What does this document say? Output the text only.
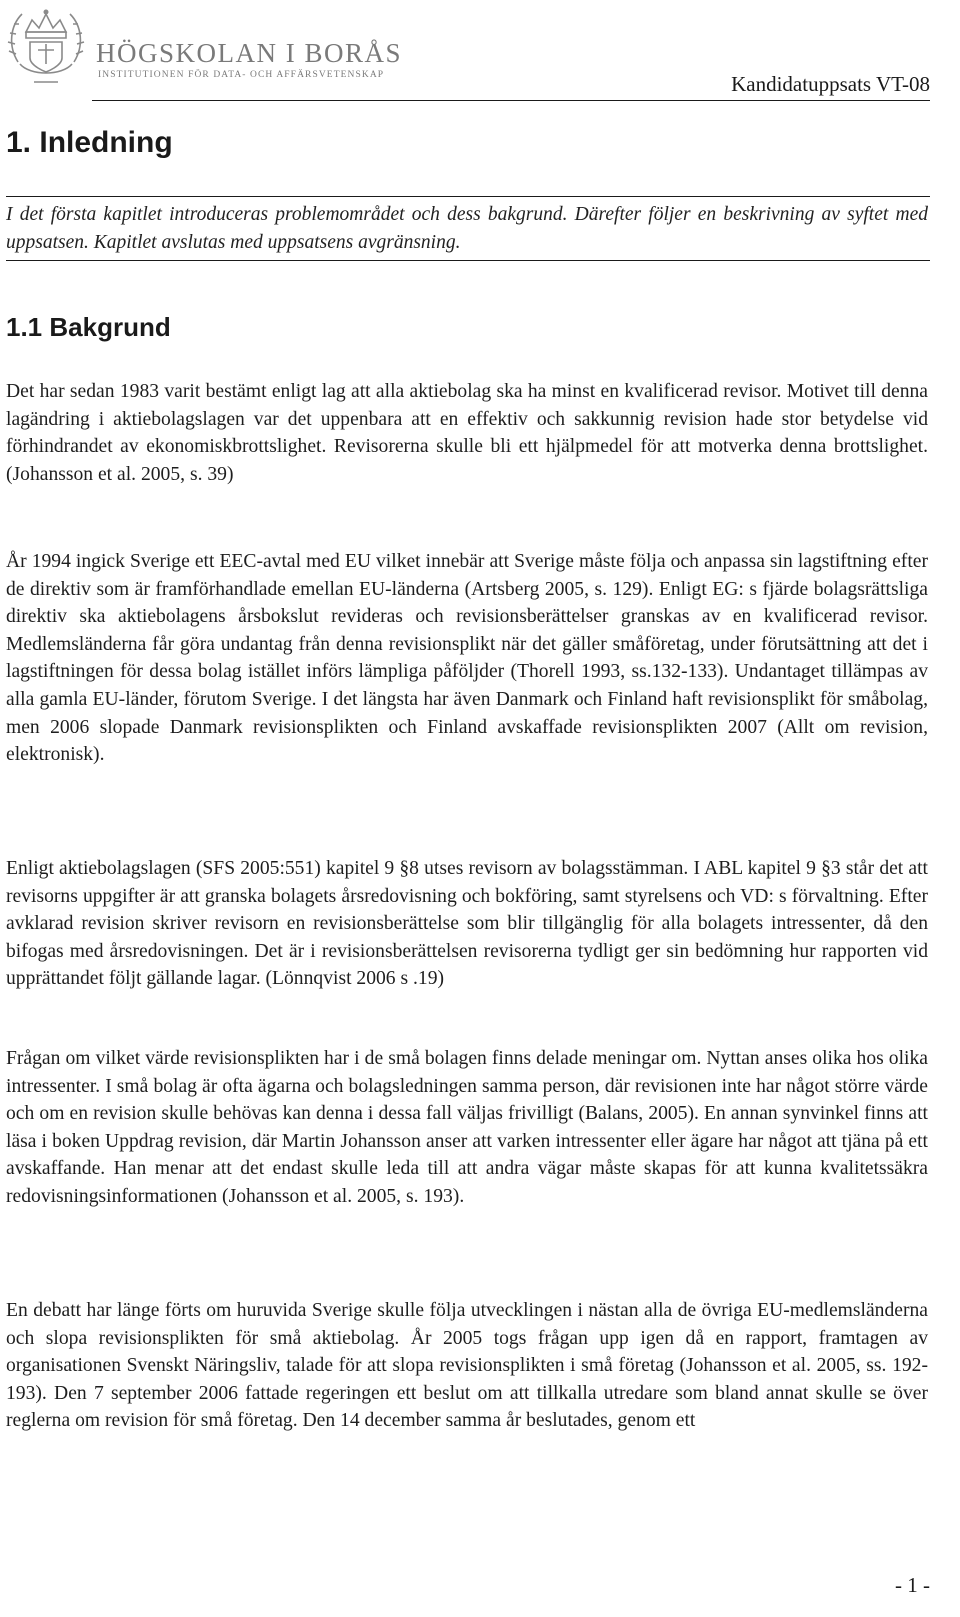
HÖGSKOLAN I BORÅS
INSTITUTIONEN FÖR DATA- OCH AFFÄRSVETENSKAP	Kandidatuppsats VT-08
1. Inledning

I det första kapitlet introduceras problemområdet och dess bakgrund. Därefter följer en beskrivning av syftet med uppsatsen. Kapitlet avslutas med uppsatsens avgränsning.

1.1 Bakgrund

Det har sedan 1983 varit bestämt enligt lag att alla aktiebolag ska ha minst en kvalificerad revisor. Motivet till denna lagändring i aktiebolagslagen var det uppenbara att en effektiv och sakkunnig revision hade stor betydelse vid förhindrandet av ekonomiskbrottslighet. Revisorerna skulle bli ett hjälpmedel för att motverka denna brottslighet. (Johansson et al. 2005, s. 39)

År 1994 ingick Sverige ett EEC-avtal med EU vilket innebär att Sverige måste följa och anpassa sin lagstiftning efter de direktiv som är framförhandlade emellan EU-länderna (Artsberg 2005, s. 129). Enligt EG: s fjärde bolagsrättsliga direktiv ska aktiebolagens årsbokslut revideras och revisionsberättelser granskas av en kvalificerad revisor. Medlemsländerna får göra undantag från denna revisionsplikt när det gäller småföretag, under förutsättning att det i lagstiftningen för dessa bolag istället införs lämpliga påföljder (Thorell 1993, ss.132-133). Undantaget tillämpas av alla gamla EU-länder, förutom Sverige. I det längsta har även Danmark och Finland haft revisionsplikt för småbolag, men 2006 slopade Danmark revisionsplikten och Finland avskaffade revisionsplikten 2007 (Allt om revision, elektronisk).

Enligt aktiebolagslagen (SFS 2005:551) kapitel 9 §8 utses revisorn av bolagsstämman. I ABL kapitel 9 §3 står det att revisorns uppgifter är att granska bolagets årsredovisning och bokföring, samt styrelsens och VD: s förvaltning. Efter avklarad revision skriver revisorn en revisionsberättelse som blir tillgänglig för alla bolagets intressenter, då den bifogas med årsredovisningen. Det är i revisionsberättelsen revisorerna tydligt ger sin bedömning hur rapporten vid upprättandet följt gällande lagar. (Lönnqvist 2006 s .19)

Frågan om vilket värde revisionsplikten har i de små bolagen finns delade meningar om. Nyttan anses olika hos olika intressenter. I små bolag är ofta ägarna och bolagsledningen samma person, där revisionen inte har något större värde och om en revision skulle behövas kan denna i dessa fall väljas frivilligt (Balans, 2005). En annan synvinkel finns att läsa i boken Uppdrag revision, där Martin Johansson anser att varken intressenter eller ägare har något att tjäna på ett avskaffande. Han menar att det endast skulle leda till att andra vägar måste skapas för att kunna kvalitetssäkra redovisningsinformationen (Johansson et al. 2005, s. 193).

En debatt har länge förts om huruvida Sverige skulle följa utvecklingen i nästan alla de övriga EU-medlemsländerna och slopa revisionsplikten för små aktiebolag. År 2005 togs frågan upp igen då en rapport, framtagen av organisationen Svenskt Näringsliv, talade för att slopa revisionsplikten i små företag (Johansson et al. 2005, ss. 192-193). Den 7 september 2006 fattade regeringen ett beslut om att tillkalla utredare som bland annat skulle se över reglerna om revision för små företag. Den 14 december samma år beslutades, genom ett

- 1 -
